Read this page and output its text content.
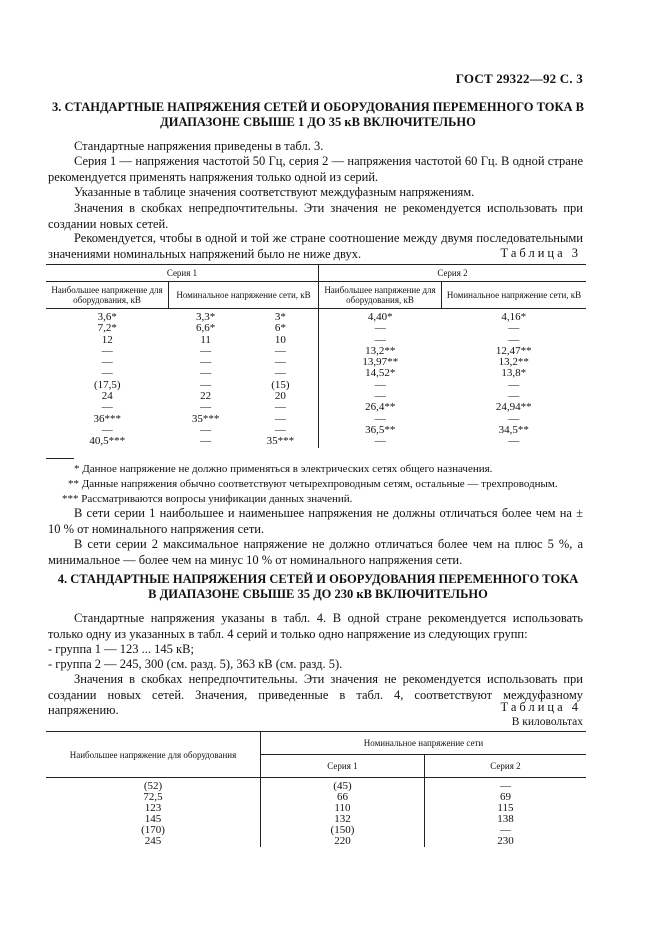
ГОСТ 29322—92 С. 3
3. СТАНДАРТНЫЕ НАПРЯЖЕНИЯ СЕТЕЙ И ОБОРУДОВАНИЯ ПЕРЕМЕННОГО ТОКА В
ДИАПАЗОНЕ СВЫШЕ 1 ДО 35 кВ ВКЛЮЧИТЕЛЬНО
Стандартные напряжения приведены в табл. 3.
Серия 1 — напряжения частотой 50 Гц, серия 2 — напряжения частотой 60 Гц. В одной стране рекомендуется применять напряжения только одной из серий.
Указанные в таблице значения соответствуют междуфазным напряжениям.
Значения в скобках непредпочтительны. Эти значения не рекомендуется использовать при создании новых сетей.
Рекомендуется, чтобы в одной и той же стране соотношение между двумя последовательными значениями номинальных напряжений было не ниже двух.	Таблица 3
Серия 1			Серия 2	
Наибольшее напряжение для оборудования, кВ	Номинальное напряжение сети, кВ		Наибольшее напряжение для оборудования, кВ	Номинальное напряжение сети, кВ
3,6*	3,3*	3*	4,40*	4,16*
7,2*	6,6*	6*	—	—
12	11	10	—	—
—	—	—	13,2**	12,47**
—	—	—	13,97**	13,2**
—	—	—	14,52*	13,8*
(17,5)	—	(15)	—	—
24	22	20	—	—
—	—	—	26,4**	24,94**
36***	35***	—	—	—
—	—	—	36,5**	34,5**
40,5***	—	35***	—	—
* Данное напряжение не должно применяться в электрических сетях общего назначения.
** Данные напряжения обычно соответствуют четырехпроводным сетям, остальные — трехпроводным.
*** Рассматриваются вопросы унификации данных значений.
В сети серии 1 наибольшее и наименьшее напряжения не должны отличаться более чем на ± 10 % от номинального напряжения сети.
В сети серии 2 максимальное напряжение не должно отличаться более чем на плюс 5 %, а минимальное — более чем на минус 10 % от номинального напряжения сети.
4. СТАНДАРТНЫЕ НАПРЯЖЕНИЯ СЕТЕЙ И ОБОРУДОВАНИЯ ПЕРЕМЕННОГО ТОКА
В ДИАПАЗОНЕ СВЫШЕ 35 ДО 230 кВ ВКЛЮЧИТЕЛЬНО
Стандартные напряжения указаны в табл. 4. В одной стране рекомендуется использовать только одну из указанных в табл. 4 серий и только одно напряжение из следующих групп:
- группа 1 — 123 ... 145 кВ;
- группа 2 — 245, 300 (см. разд. 5), 363 кВ (см. разд. 5).
Значения в скобках непредпочтительны. Эти значения не рекомендуется использовать при создании новых сетей. Значения, приведенные в табл. 4, соответствуют междуфазному напряжению.	Таблица 4
В киловольтах
Наибольшее напряжение для оборудования	Номинальное напряжение сети	
	Серия 1	Серия 2
(52)	(45)	—
72,5	66	69
123	110	115
145	132	138
(170)	(150)	—
245	220	230
